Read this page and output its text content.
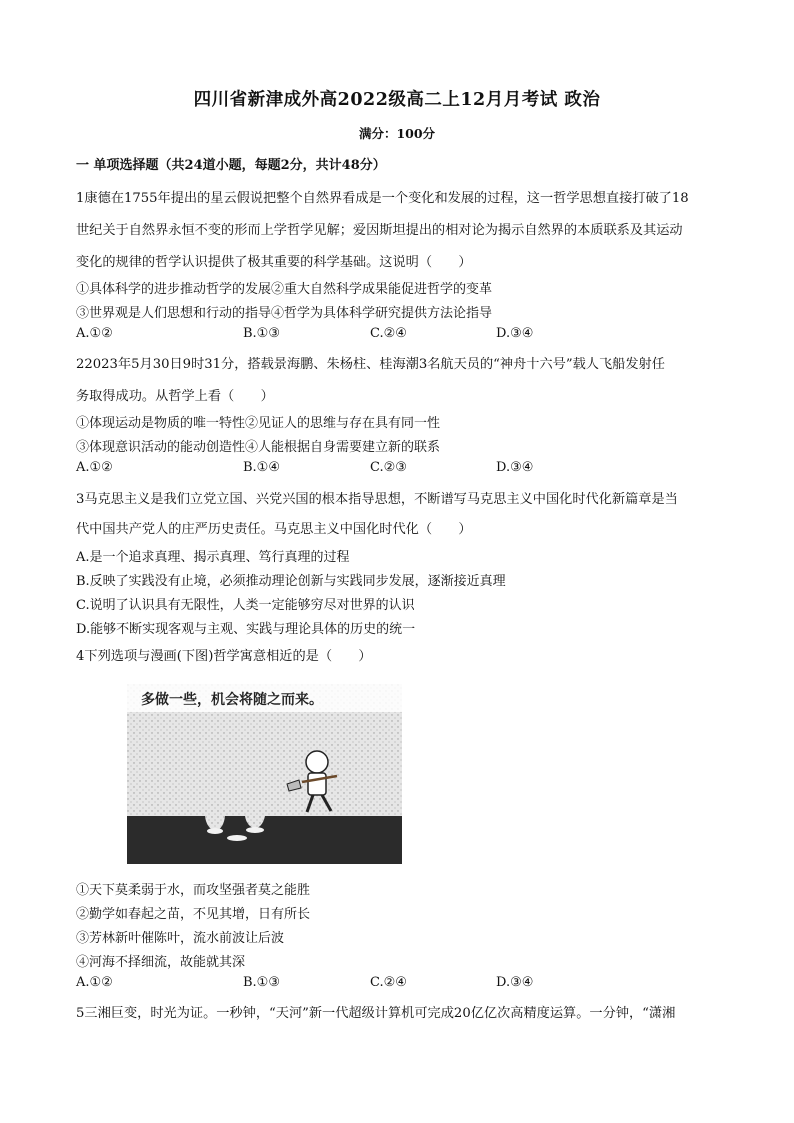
四川省新津成外高2022级高二上12月月考试 政治
满分：100分
一 单项选择题（共24道小题，每题2分，共计48分）
1康德在1755年提出的星云假说把整个自然界看成是一个变化和发展的过程，这一哲学思想直接打破了18
世纪关于自然界永恒不变的形而上学哲学见解；爱因斯坦提出的相对论为揭示自然界的本质联系及其运动
变化的规律的哲学认识提供了极其重要的科学基础。这说明（　　）
①具体科学的进步推动哲学的发展②重大自然科学成果能促进哲学的变革
③世界观是人们思想和行动的指导④哲学为具体科学研究提供方法论指导
A.①②	B.①③	C.②④	D.③④
22023年5月30日9时31分，搭载景海鹏、朱杨柱、桂海潮3名航天员的“神舟十六号”载人飞船发射任
务取得成功。从哲学上看（　　）
①体现运动是物质的唯一特性②见证人的思维与存在具有同一性
③体现意识活动的能动创造性④人能根据自身需要建立新的联系
A.①②	B.①④	C.②③	D.③④
3马克思主义是我们立党立国、兴党兴国的根本指导思想，不断谱写马克思主义中国化时代化新篇章是当
代中国共产党人的庄严历史责任。马克思主义中国化时代化（　　）
A.是一个追求真理、揭示真理、笃行真理的过程
B.反映了实践没有止境，必须推动理论创新与实践同步发展，逐渐接近真理
C.说明了认识具有无限性，人类一定能够穷尽对世界的认识
D.能够不断实现客观与主观、实践与理论具体的历史的统一
4下列选项与漫画(下图)哲学寓意相近的是（　　）
多做一些，机会将随之而来。
①天下莫柔弱于水，而攻坚强者莫之能胜
②勤学如春起之苗，不见其增，日有所长
③芳林新叶催陈叶，流水前波让后波
④河海不择细流，故能就其深
A.①②	B.①③	C.②④	D.③④
5三湘巨变，时光为证。一秒钟，“天河”新一代超级计算机可完成20亿亿次高精度运算。一分钟，“潇湘
